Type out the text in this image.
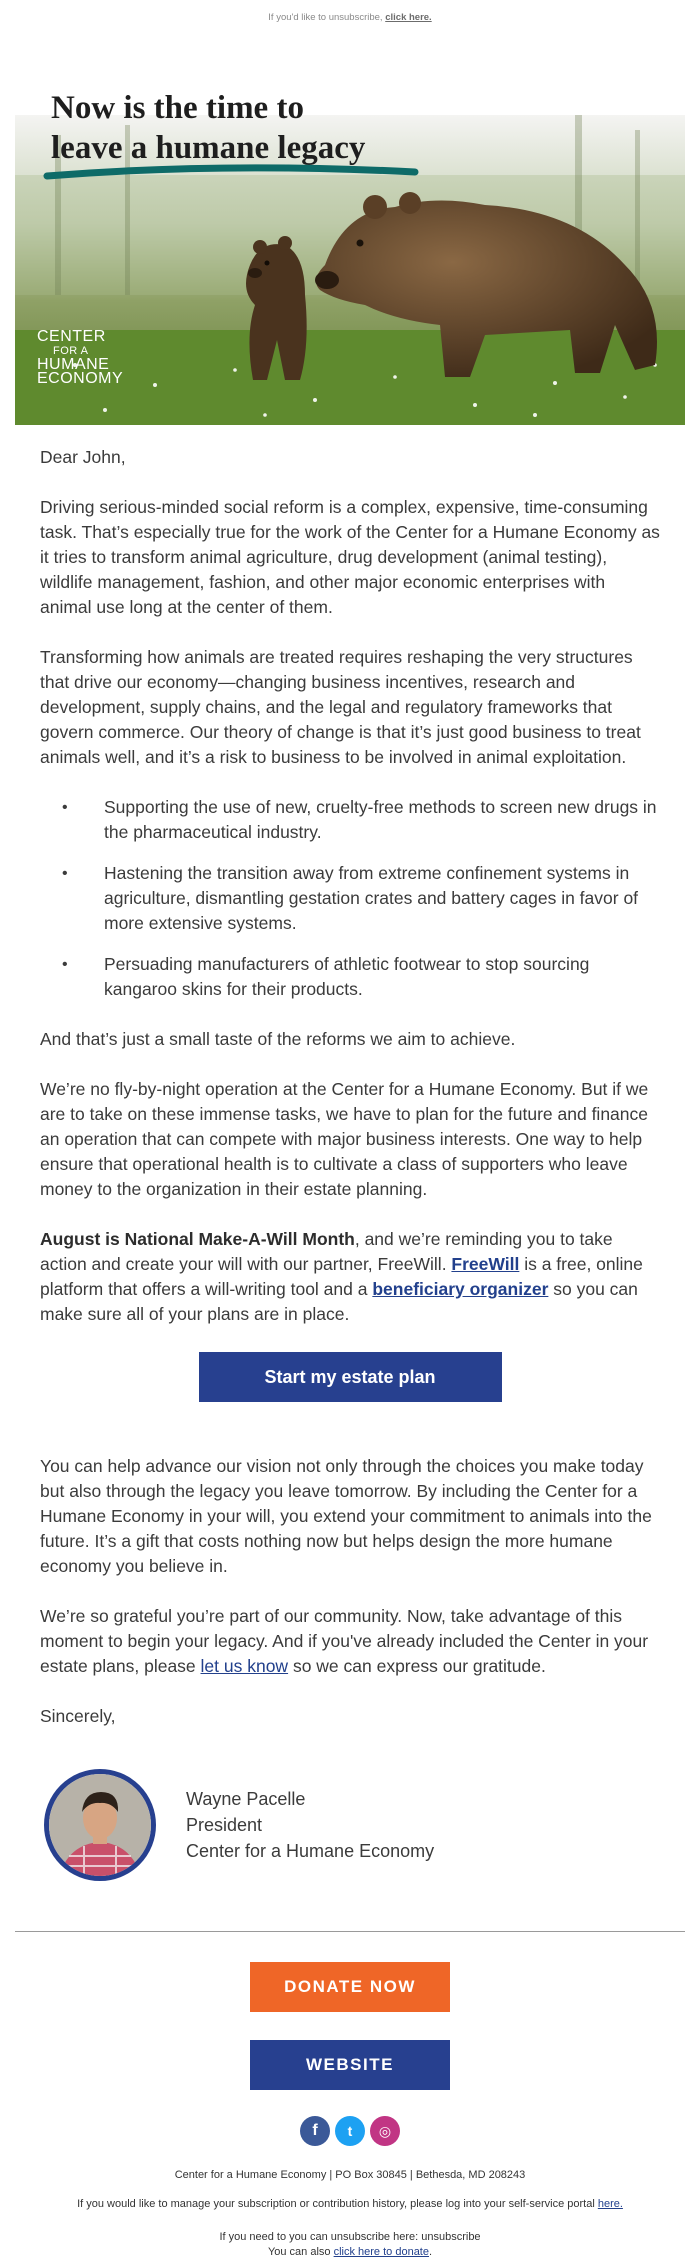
If you'd like to unsubscribe, click here.
Now is the time to
leave a humane legacy
CENTER
FOR A
HUMANE
ECONOMY

Dear John,

Driving serious-minded social reform is a complex, expensive, time-consuming task. That’s especially true for the work of the Center for a Humane Economy as it tries to transform animal agriculture, drug development (animal testing), wildlife management, fashion, and other major economic enterprises with animal use long at the center of them.

Transforming how animals are treated requires reshaping the very structures that drive our economy—changing business incentives, research and development, supply chains, and the legal and regulatory frameworks that govern commerce. Our theory of change is that it’s just good business to treat animals well, and it’s a risk to business to be involved in animal exploitation.

• Supporting the use of new, cruelty-free methods to screen new drugs in the pharmaceutical industry.
• Hastening the transition away from extreme confinement systems in agriculture, dismantling gestation crates and battery cages in favor of more extensive systems.
• Persuading manufacturers of athletic footwear to stop sourcing kangaroo skins for their products.

And that’s just a small taste of the reforms we aim to achieve.

We’re no fly-by-night operation at the Center for a Humane Economy. But if we are to take on these immense tasks, we have to plan for the future and finance an operation that can compete with major business interests. One way to help ensure that operational health is to cultivate a class of supporters who leave money to the organization in their estate planning.

August is National Make-A-Will Month, and we’re reminding you to take action and create your will with our partner, FreeWill. FreeWill is a free, online platform that offers a will-writing tool and a beneficiary organizer so you can make sure all of your plans are in place.

Start my estate plan

You can help advance our vision not only through the choices you make today but also through the legacy you leave tomorrow. By including the Center for a Humane Economy in your will, you extend your commitment to animals into the future. It’s a gift that costs nothing now but helps design the more humane economy you believe in.

We’re so grateful you’re part of our community. Now, take advantage of this moment to begin your legacy. And if you've already included the Center in your estate plans, please let us know so we can express our gratitude.

Sincerely,

Wayne Pacelle
President
Center for a Humane Economy
DONATE NOW
WEBSITE
f	t	◎
Center for a Humane Economy | PO Box 30845 | Bethesda, MD 208243
If you would like to manage your subscription or contribution history, please log into your self-service portal here.
If you need to you can unsubscribe here: unsubscribe
You can also click here to donate.
